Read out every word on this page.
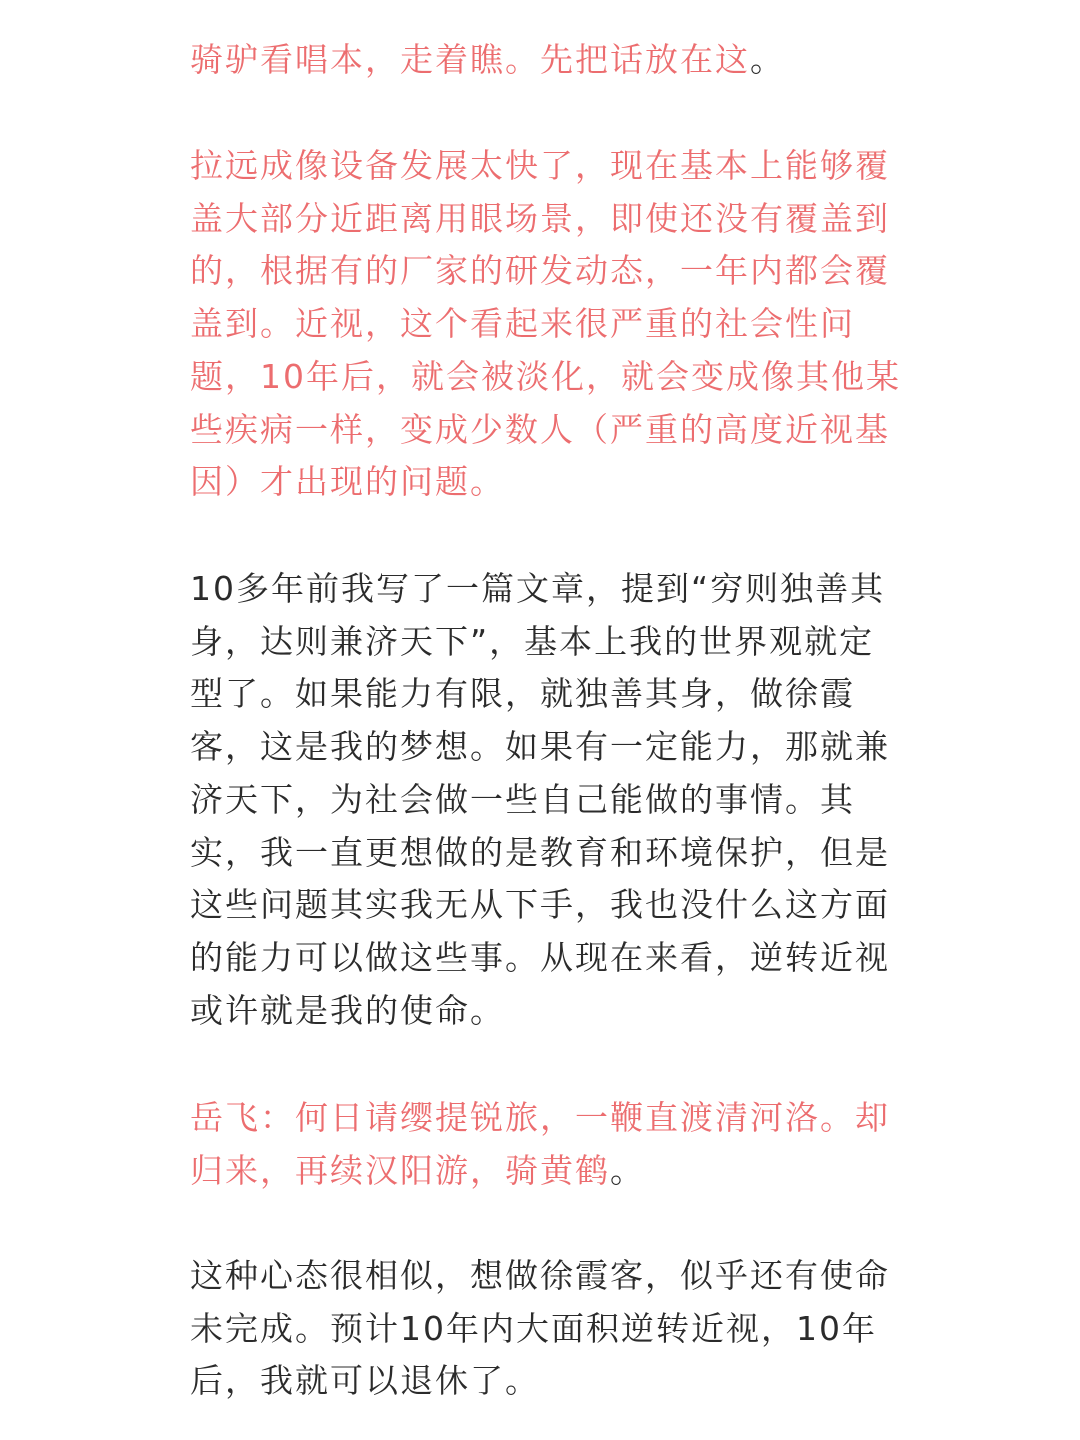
骑驴看唱本，走着瞧。先把话放在这。

拉远成像设备发展太快了，现在基本上能够覆
盖大部分近距离用眼场景，即使还没有覆盖到
的，根据有的厂家的研发动态，一年内都会覆
盖到。近视，这个看起来很严重的社会性问
题，10年后，就会被淡化，就会变成像其他某
些疾病一样，变成少数人（严重的高度近视基
因）才出现的问题。

10多年前我写了一篇文章，提到“穷则独善其
身，达则兼济天下”，基本上我的世界观就定
型了。如果能力有限，就独善其身，做徐霞
客，这是我的梦想。如果有一定能力，那就兼
济天下，为社会做一些自己能做的事情。其
实，我一直更想做的是教育和环境保护，但是
这些问题其实我无从下手，我也没什么这方面
的能力可以做这些事。从现在来看，逆转近视
或许就是我的使命。

岳飞：何日请缨提锐旅，一鞭直渡清河洛。却
归来，再续汉阳游，骑黄鹤。

这种心态很相似，想做徐霞客，似乎还有使命
未完成。预计10年内大面积逆转近视，10年
后，我就可以退休了。
